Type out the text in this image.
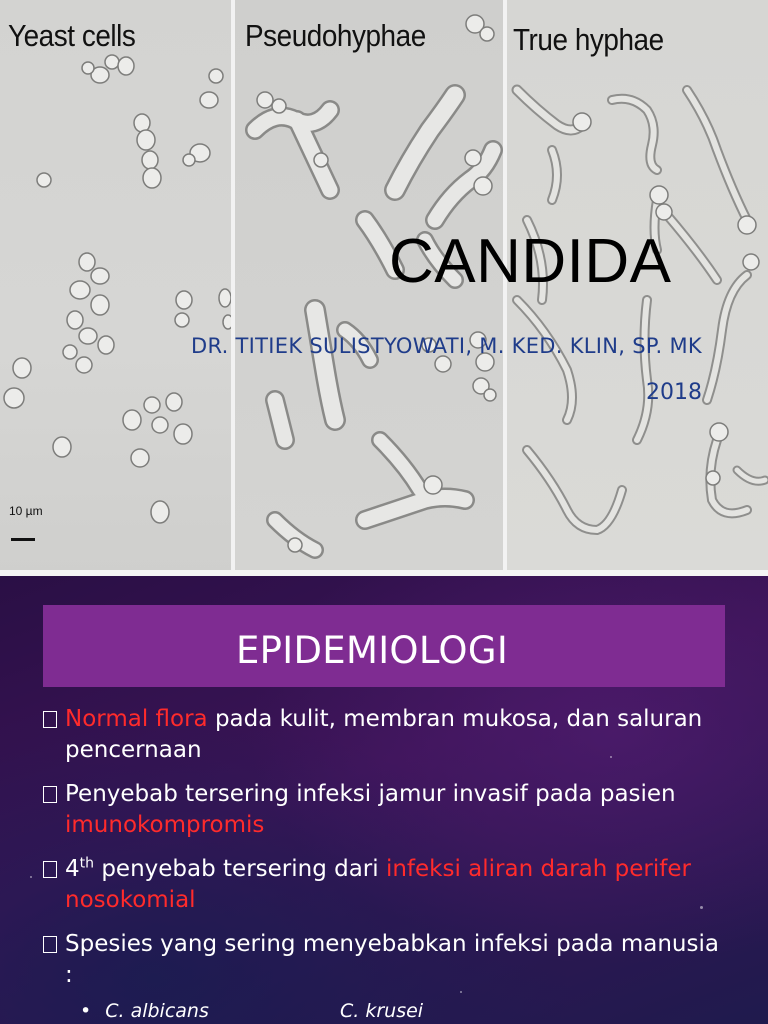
Yeast cells
10 µm
Pseudohyphae	True hyphae
CANDIDA
DR. TITIEK SULISTYOWATI, M. KED. KLIN, SP. MK
2018
EPIDEMIOLOGI
Normal flora pada kulit, membran mukosa, dan saluran pencernaan
Penyebab tersering infeksi jamur invasif pada pasien imunokompromis
4th penyebab tersering dari infeksi aliran darah perifer nosokomial
Spesies yang sering menyebabkan infeksi pada manusia :
• C. albicans	C. krusei
